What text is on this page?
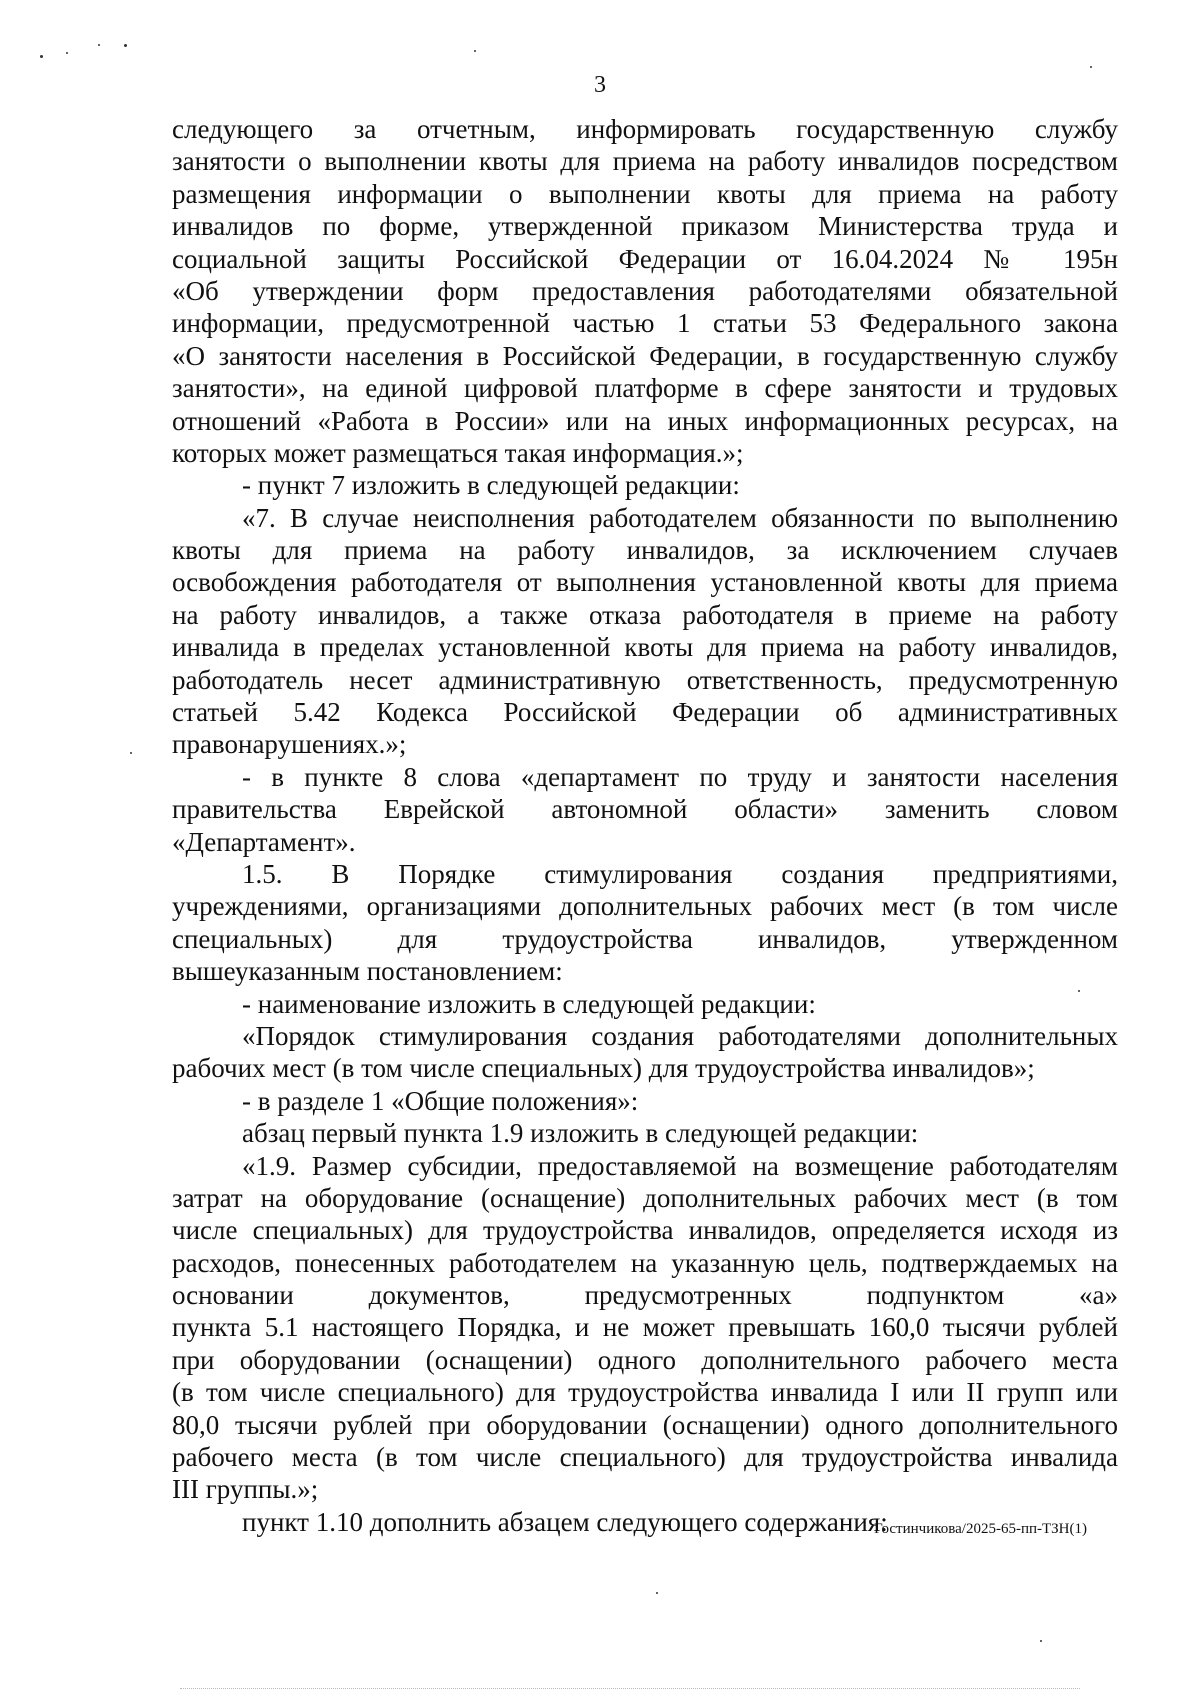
3
следующего за отчетным, информировать государственную службу
занятости о выполнении квоты для приема на работу инвалидов посредством
размещения информации о выполнении квоты для приема на работу
инвалидов по форме, утвержденной приказом Министерства труда и
социальной защиты Российской Федерации от 16.04.2024 № 195н
«Об утверждении форм предоставления работодателями обязательной
информации, предусмотренной частью 1 статьи 53 Федерального закона
«О занятости населения в Российской Федерации, в государственную службу
занятости», на единой цифровой платформе в сфере занятости и трудовых
отношений «Работа в России» или на иных информационных ресурсах, на
которых может размещаться такая информация.»;
- пункт 7 изложить в следующей редакции:
«7. В случае неисполнения работодателем обязанности по выполнению
квоты для приема на работу инвалидов, за исключением случаев
освобождения работодателя от выполнения установленной квоты для приема
на работу инвалидов, а также отказа работодателя в приеме на работу
инвалида в пределах установленной квоты для приема на работу инвалидов,
работодатель несет административную ответственность, предусмотренную
статьей 5.42 Кодекса Российской Федерации об административных
правонарушениях.»;
- в пункте 8 слова «департамент по труду и занятости населения
правительства Еврейской автономной области» заменить словом
«Департамент».
1.5. В Порядке стимулирования создания предприятиями,
учреждениями, организациями дополнительных рабочих мест (в том числе
специальных) для трудоустройства инвалидов, утвержденном
вышеуказанным постановлением:
- наименование изложить в следующей редакции:
«Порядок стимулирования создания работодателями дополнительных
рабочих мест (в том числе специальных) для трудоустройства инвалидов»;
- в разделе 1 «Общие положения»:
абзац первый пункта 1.9 изложить в следующей редакции:
«1.9. Размер субсидии, предоставляемой на возмещение работодателям
затрат на оборудование (оснащение) дополнительных рабочих мест (в том
числе специальных) для трудоустройства инвалидов, определяется исходя из
расходов, понесенных работодателем на указанную цель, подтверждаемых на
основании документов, предусмотренных подпунктом «а»
пункта 5.1 настоящего Порядка, и не может превышать 160,0 тысячи рублей
при оборудовании (оснащении) одного дополнительного рабочего места
(в том числе специального) для трудоустройства инвалида I или II групп или
80,0 тысячи рублей при оборудовании (оснащении) одного дополнительного
рабочего места (в том числе специального) для трудоустройства инвалида
III группы.»;
пункт 1.10 дополнить абзацем следующего содержания:
Гостинчикова/2025-65-пп-ТЗН(1)
